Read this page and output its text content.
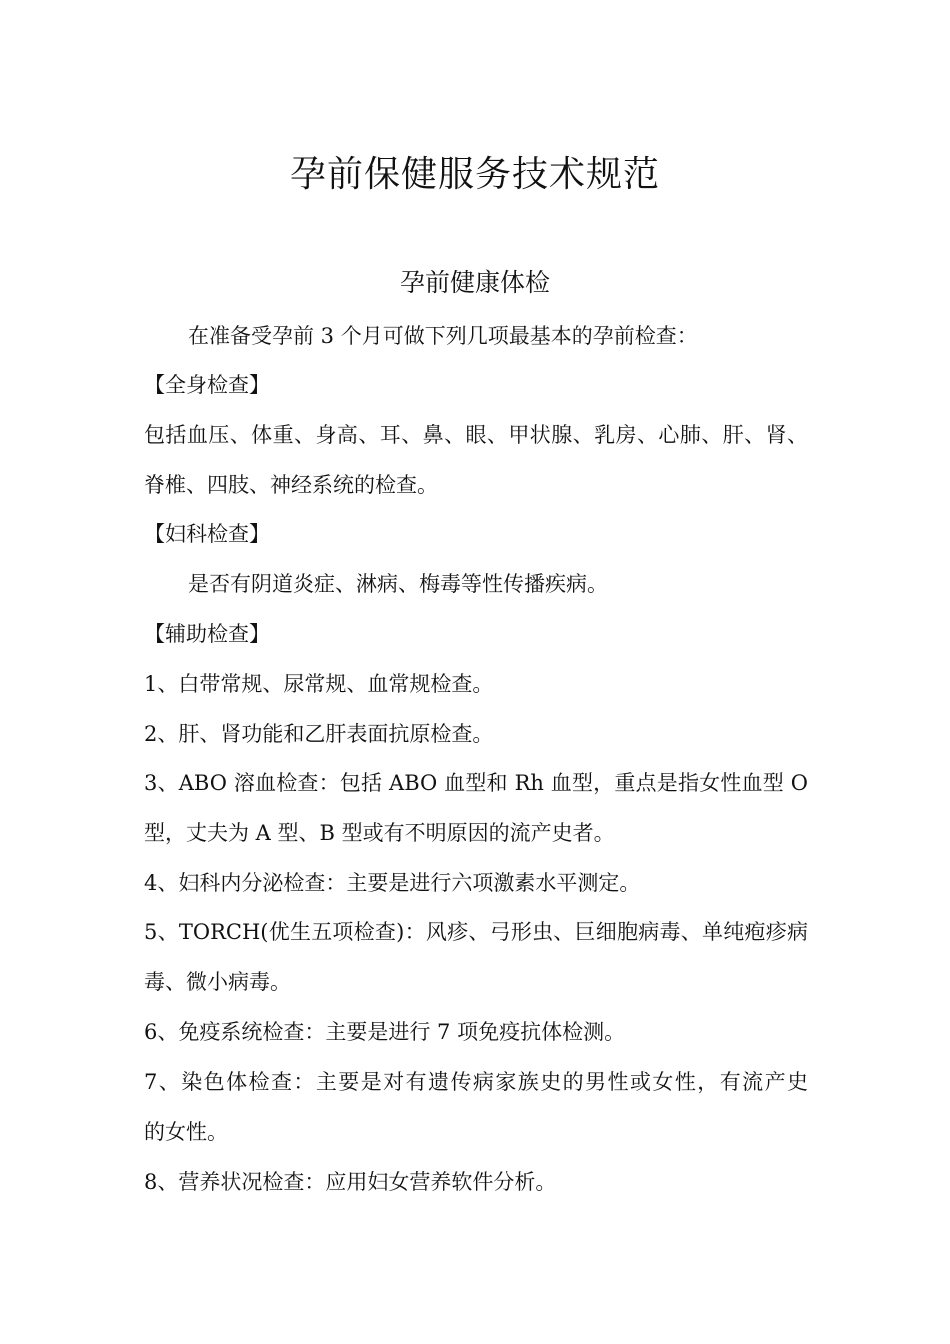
孕前保健服务技术规范
孕前健康体检
在准备受孕前 3 个月可做下列几项最基本的孕前检查：
【全身检查】
包括血压、体重、身高、耳、鼻、眼、甲状腺、乳房、心肺、肝、肾、
脊椎、四肢、神经系统的检查。
【妇科检查】
是否有阴道炎症、淋病、梅毒等性传播疾病。
【辅助检查】
1、白带常规、尿常规、血常规检查。
2、肝、肾功能和乙肝表面抗原检查。
3、ABO 溶血检查：包括 ABO 血型和 Rh 血型，重点是指女性血型 O
型，丈夫为 A 型、B 型或有不明原因的流产史者。
4、妇科内分泌检查：主要是进行六项激素水平测定。
5、TORCH(优生五项检查)：风疹、弓形虫、巨细胞病毒、单纯疱疹病
毒、微小病毒。
6、免疫系统检查：主要是进行 7 项免疫抗体检测。
7、染色体检查：主要是对有遗传病家族史的男性或女性，有流产史
的女性。
8、营养状况检查：应用妇女营养软件分析。
